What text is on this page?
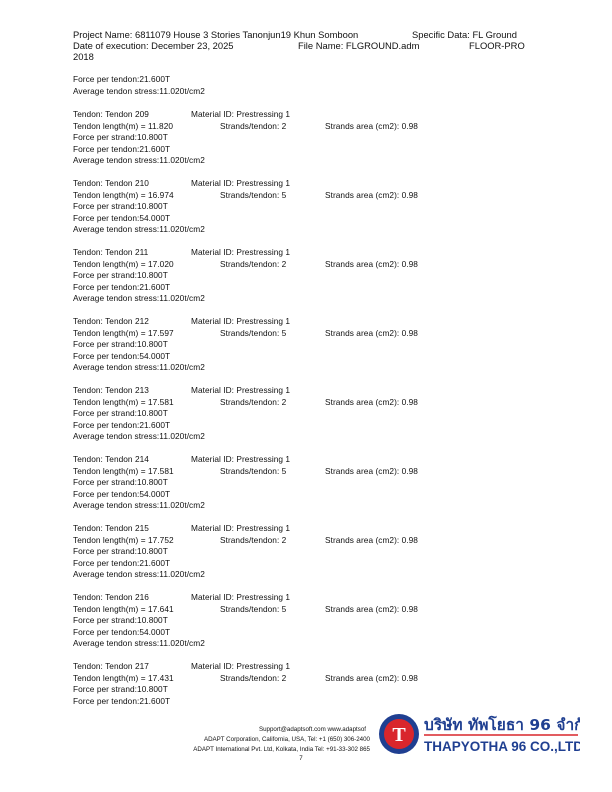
Project Name: 6811079 House 3 Stories Tanonjun19 Khun Somboon	Specific Data: FL Ground
Date of execution: December 23, 2025	File Name: FLGROUND.adm	FLOOR-PRO
2018
Force per tendon:21.600T
Average tendon stress:11.020t/cm2
Tendon: Tendon 209	Material ID: Prestressing 1
Tendon length(m) = 11.820	Strands/tendon: 2	Strands area (cm2): 0.98
Force per strand:10.800T
Force per tendon:21.600T
Average tendon stress:11.020t/cm2
Tendon: Tendon 210	Material ID: Prestressing 1
Tendon length(m) = 16.974	Strands/tendon: 5	Strands area (cm2): 0.98
Force per strand:10.800T
Force per tendon:54.000T
Average tendon stress:11.020t/cm2
Tendon: Tendon 211	Material ID: Prestressing 1
Tendon length(m) = 17.020	Strands/tendon: 2	Strands area (cm2): 0.98
Force per strand:10.800T
Force per tendon:21.600T
Average tendon stress:11.020t/cm2
Tendon: Tendon 212	Material ID: Prestressing 1
Tendon length(m) = 17.597	Strands/tendon: 5	Strands area (cm2): 0.98
Force per strand:10.800T
Force per tendon:54.000T
Average tendon stress:11.020t/cm2
Tendon: Tendon 213	Material ID: Prestressing 1
Tendon length(m) = 17.581	Strands/tendon: 2	Strands area (cm2): 0.98
Force per strand:10.800T
Force per tendon:21.600T
Average tendon stress:11.020t/cm2
Tendon: Tendon 214	Material ID: Prestressing 1
Tendon length(m) = 17.581	Strands/tendon: 5	Strands area (cm2): 0.98
Force per strand:10.800T
Force per tendon:54.000T
Average tendon stress:11.020t/cm2
Tendon: Tendon 215	Material ID: Prestressing 1
Tendon length(m) = 17.752	Strands/tendon: 2	Strands area (cm2): 0.98
Force per strand:10.800T
Force per tendon:21.600T
Average tendon stress:11.020t/cm2
Tendon: Tendon 216	Material ID: Prestressing 1
Tendon length(m) = 17.641	Strands/tendon: 5	Strands area (cm2): 0.98
Force per strand:10.800T
Force per tendon:54.000T
Average tendon stress:11.020t/cm2
Tendon: Tendon 217	Material ID: Prestressing 1
Tendon length(m) = 17.431	Strands/tendon: 2	Strands area (cm2): 0.98
Force per strand:10.800T
Force per tendon:21.600T
Support@adaptsoft.com www.adaptsof
ADAPT Corporation, California, USA, Tel: +1 (650) 306-2400
ADAPT International Pvt. Ltd, Kolkata, India Tel: +91-33-302 865
7
T บริษัท ทัพโยธา 96 จำกัด
THAPYOTHA 96 CO.,LTD.
